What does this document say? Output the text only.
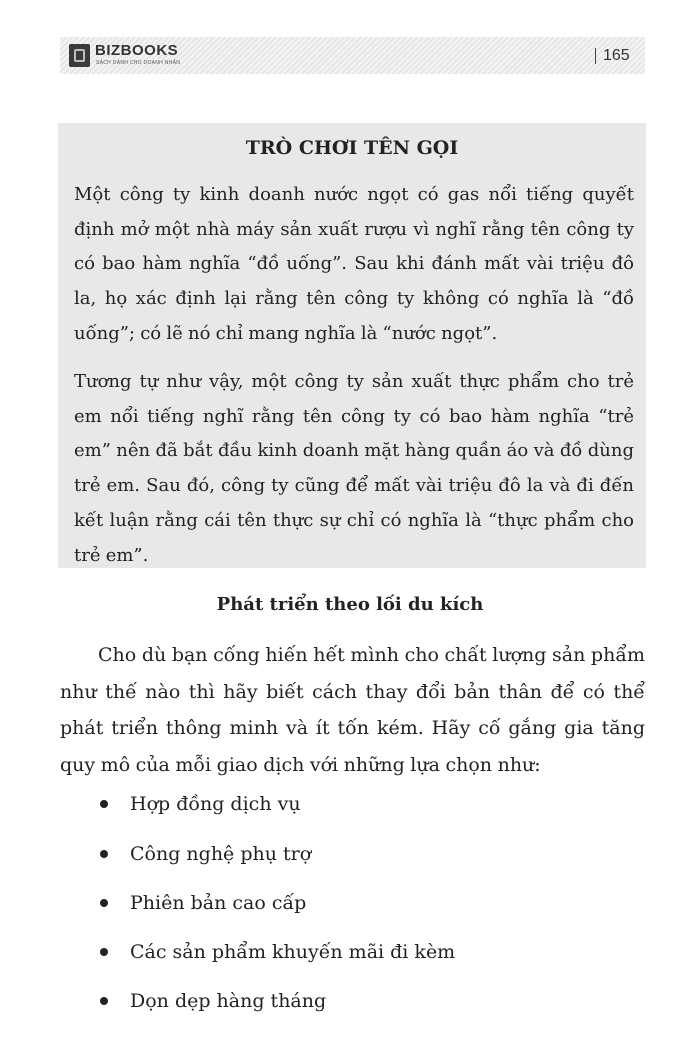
BIZBOOKS
SÁCH DÀNH CHO DOANH NHÂN	165
TRÒ CHƠI TÊN GỌI

Một công ty kinh doanh nước ngọt có gas nổi tiếng quyết định mở một nhà máy sản xuất rượu vì nghĩ rằng tên công ty có bao hàm nghĩa “đồ uống”. Sau khi đánh mất vài triệu đô la, họ xác định lại rằng tên công ty không có nghĩa là “đồ uống”; có lẽ nó chỉ mang nghĩa là “nước ngọt”.

Tương tự như vậy, một công ty sản xuất thực phẩm cho trẻ em nổi tiếng nghĩ rằng tên công ty có bao hàm nghĩa “trẻ em” nên đã bắt đầu kinh doanh mặt hàng quần áo và đồ dùng trẻ em. Sau đó, công ty cũng để mất vài triệu đô la và đi đến kết luận rằng cái tên thực sự chỉ có nghĩa là “thực phẩm cho trẻ em”.

Phát triển theo lối du kích

Cho dù bạn cống hiến hết mình cho chất lượng sản phẩm như thế nào thì hãy biết cách thay đổi bản thân để có thể phát triển thông minh và ít tốn kém. Hãy cố gắng gia tăng quy mô của mỗi giao dịch với những lựa chọn như:

Hợp đồng dịch vụ
Công nghệ phụ trợ
Phiên bản cao cấp
Các sản phẩm khuyến mãi đi kèm
Dọn dẹp hàng tháng
